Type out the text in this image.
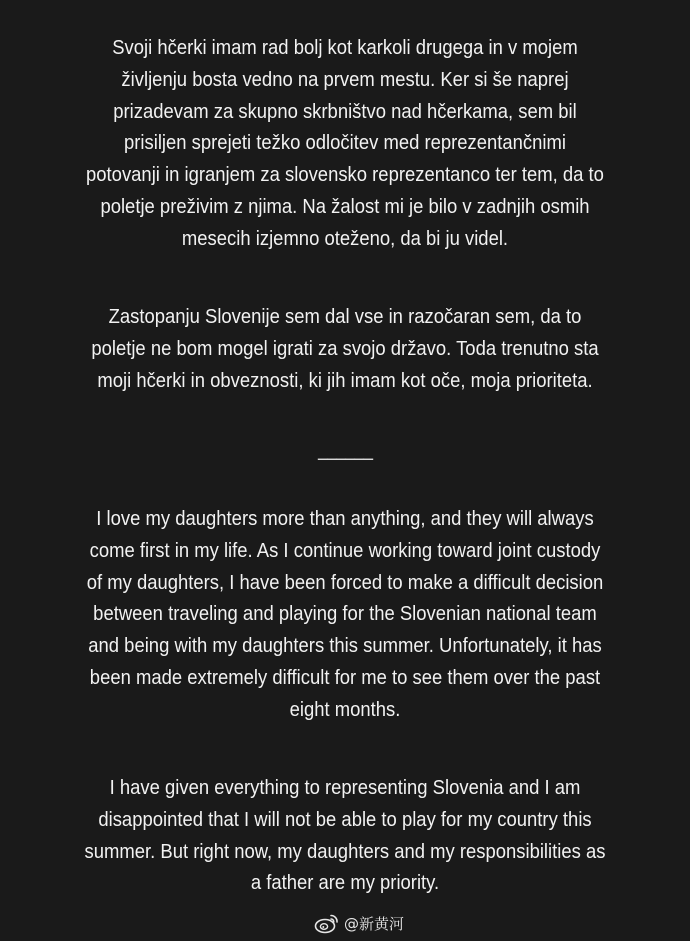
Svoji hčerki imam rad bolj kot karkoli drugega in v mojem
življenju bosta vedno na prvem mestu. Ker si še naprej
prizadevam za skupno skrbništvo nad hčerkama, sem bil
prisiljen sprejeti težko odločitev med reprezentančnimi
potovanji in igranjem za slovensko reprezentanco ter tem, da to
poletje preživim z njima. Na žalost mi je bilo v zadnjih osmih
mesecih izjemno oteženo, da bi ju videl.
Zastopanju Slovenije sem dal vse in razočaran sem, da to
poletje ne bom mogel igrati za svojo državo. Toda trenutno sta
moji hčerki in obveznosti, ki jih imam kot oče, moja prioriteta.
______
I love my daughters more than anything, and they will always
come first in my life. As I continue working toward joint custody
of my daughters, I have been forced to make a difficult decision
between traveling and playing for the Slovenian national team
and being with my daughters this summer. Unfortunately, it has
been made extremely difficult for me to see them over the past
eight months.
I have given everything to representing Slovenia and I am
disappointed that I will not be able to play for my country this
summer. But right now, my daughters and my responsibilities as
a father are my priority.
@新黄河
